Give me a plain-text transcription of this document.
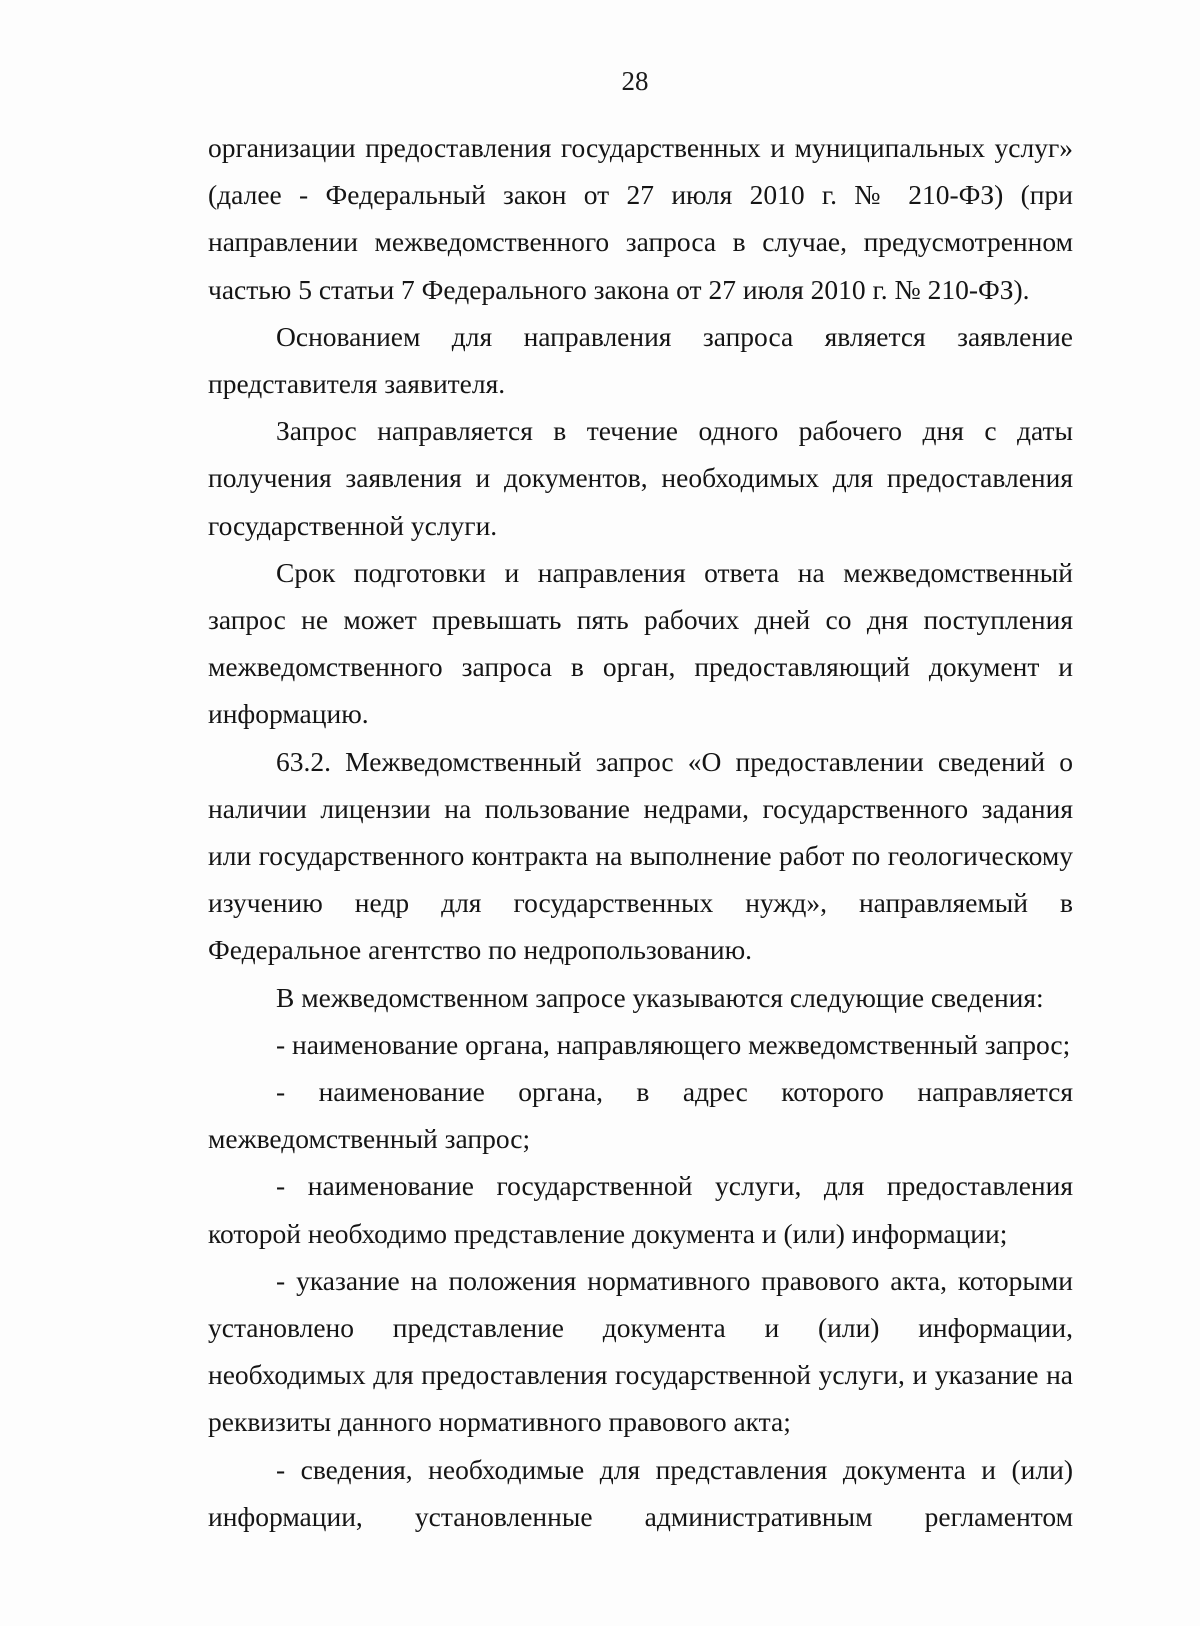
28

организации предоставления государственных и муниципальных услуг» (далее - Федеральный закон от 27 июля 2010 г. № 210-ФЗ) (при направлении межведомственного запроса в случае, предусмотренном частью 5 статьи 7 Федерального закона от 27 июля 2010 г. № 210-ФЗ).

Основанием для направления запроса является заявление представителя заявителя.

Запрос направляется в течение одного рабочего дня с даты получения заявления и документов, необходимых для предоставления государственной услуги.

Срок подготовки и направления ответа на межведомственный запрос не может превышать пять рабочих дней со дня поступления межведомственного запроса в орган, предоставляющий документ и информацию.

63.2. Межведомственный запрос «О предоставлении сведений о наличии лицензии на пользование недрами, государственного задания или государственного контракта на выполнение работ по геологическому изучению недр для государственных нужд», направляемый в Федеральное агентство по недропользованию.

В межведомственном запросе указываются следующие сведения:

- наименование органа, направляющего межведомственный запрос;

- наименование органа, в адрес которого направляется межведомственный запрос;

- наименование государственной услуги, для предоставления которой необходимо представление документа и (или) информации;

- указание на положения нормативного правового акта, которыми установлено представление документа и (или) информации, необходимых для предоставления государственной услуги, и указание на реквизиты данного нормативного правового акта;

- сведения, необходимые для представления документа и (или) информации, установленные административным регламентом
